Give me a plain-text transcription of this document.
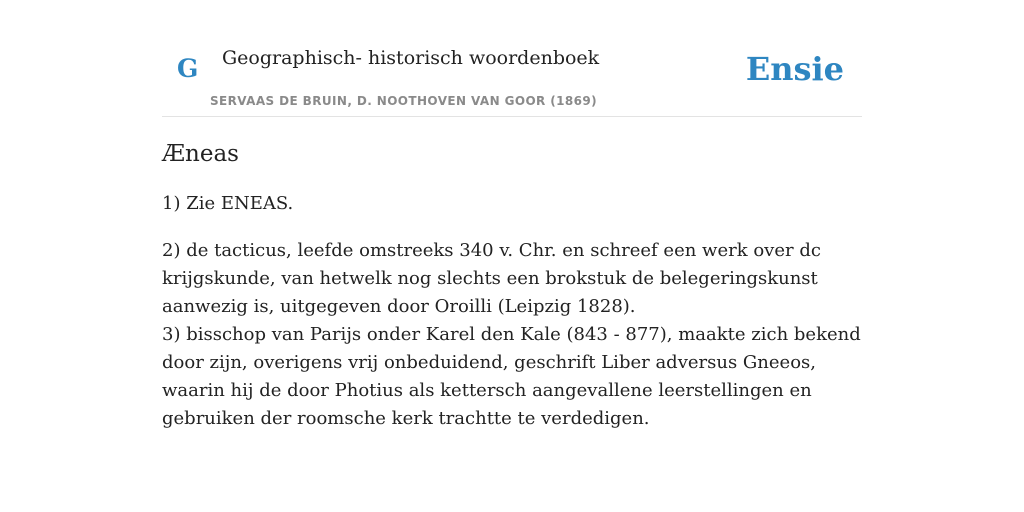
G Geographisch- historisch woordenboek
SERVAAS DE BRUIN, D. NOOTHOVEN VAN GOOR (1869)
Ensie
Æneas

1) Zie ENEAS.

2) de tacticus, leefde omstreeks 340 v. Chr. en schreef een werk over dc krijgskunde, van hetwelk nog slechts een brokstuk de belegeringskunst aanwezig is, uitgegeven door Oroilli (Leipzig 1828).

3) bisschop van Parijs onder Karel den Kale (843 - 877), maakte zich bekend door zijn, overigens vrij onbeduidend, geschrift Liber adversus Gneeos, waarin hij de door Photius als kettersch aangevallene leerstellingen en gebruiken der roomsche kerk trachtte te verdedigen.
